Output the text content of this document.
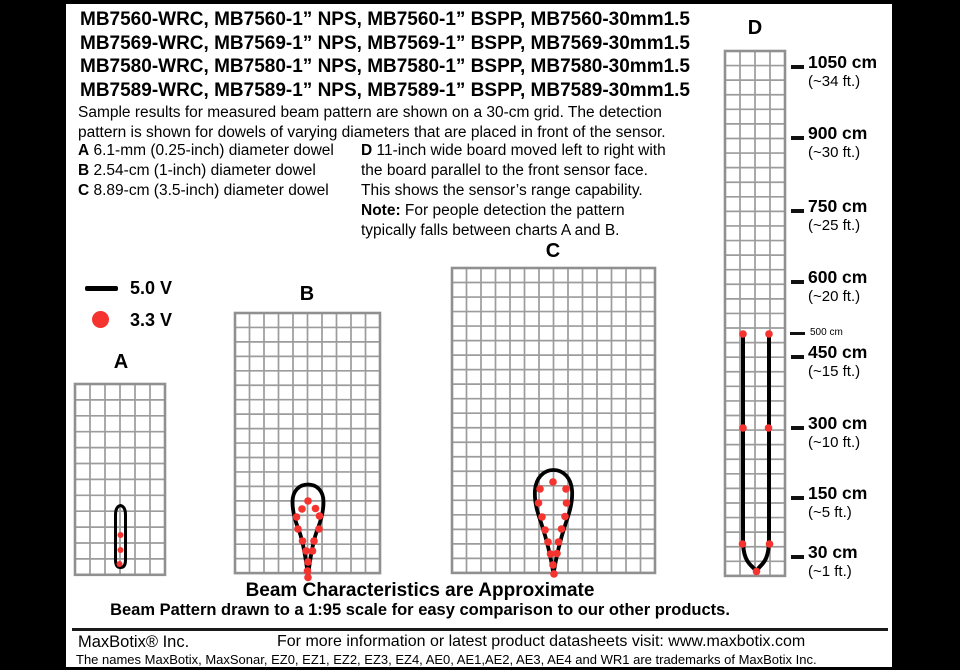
MB7560-WRC, MB7560-1” NPS, MB7560-1” BSPP, MB7560-30mm1.5
MB7569-WRC, MB7569-1” NPS, MB7569-1” BSPP, MB7569-30mm1.5
MB7580-WRC, MB7580-1” NPS, MB7580-1” BSPP, MB7580-30mm1.5
MB7589-WRC, MB7589-1” NPS, MB7589-1” BSPP, MB7589-30mm1.5
Sample results for measured beam pattern are shown on a 30-cm grid. The detection
pattern is shown for dowels of varying diameters that are placed in front of the sensor.
A 6.1-mm (0.25-inch) diameter dowel
B 2.54-cm (1-inch) diameter dowel
C 8.89-cm (3.5-inch) diameter dowel
D 11-inch wide board moved left to right with
the board parallel to the front sensor face.
This shows the sensor’s range capability.
Note: For people detection the pattern
typically falls between charts A and B.
5.0 V
3.3 V
A
B
C
D
1050 cm
(~34 ft.)
900 cm
(~30 ft.)
750 cm
(~25 ft.)
600 cm
(~20 ft.)
450 cm
(~15 ft.)
300 cm
(~10 ft.)
150 cm
(~5 ft.)
30 cm
(~1 ft.)
500 cm
Beam Characteristics are Approximate
Beam Pattern drawn to a 1:95 scale for easy comparison to our other products.
MaxBotix® Inc.	For more information or latest product datasheets visit: www.maxbotix.com
The names MaxBotix, MaxSonar, EZ0, EZ1, EZ2, EZ3, EZ4, AE0, AE1,AE2, AE3, AE4 and WR1 are trademarks of MaxBotix Inc.
